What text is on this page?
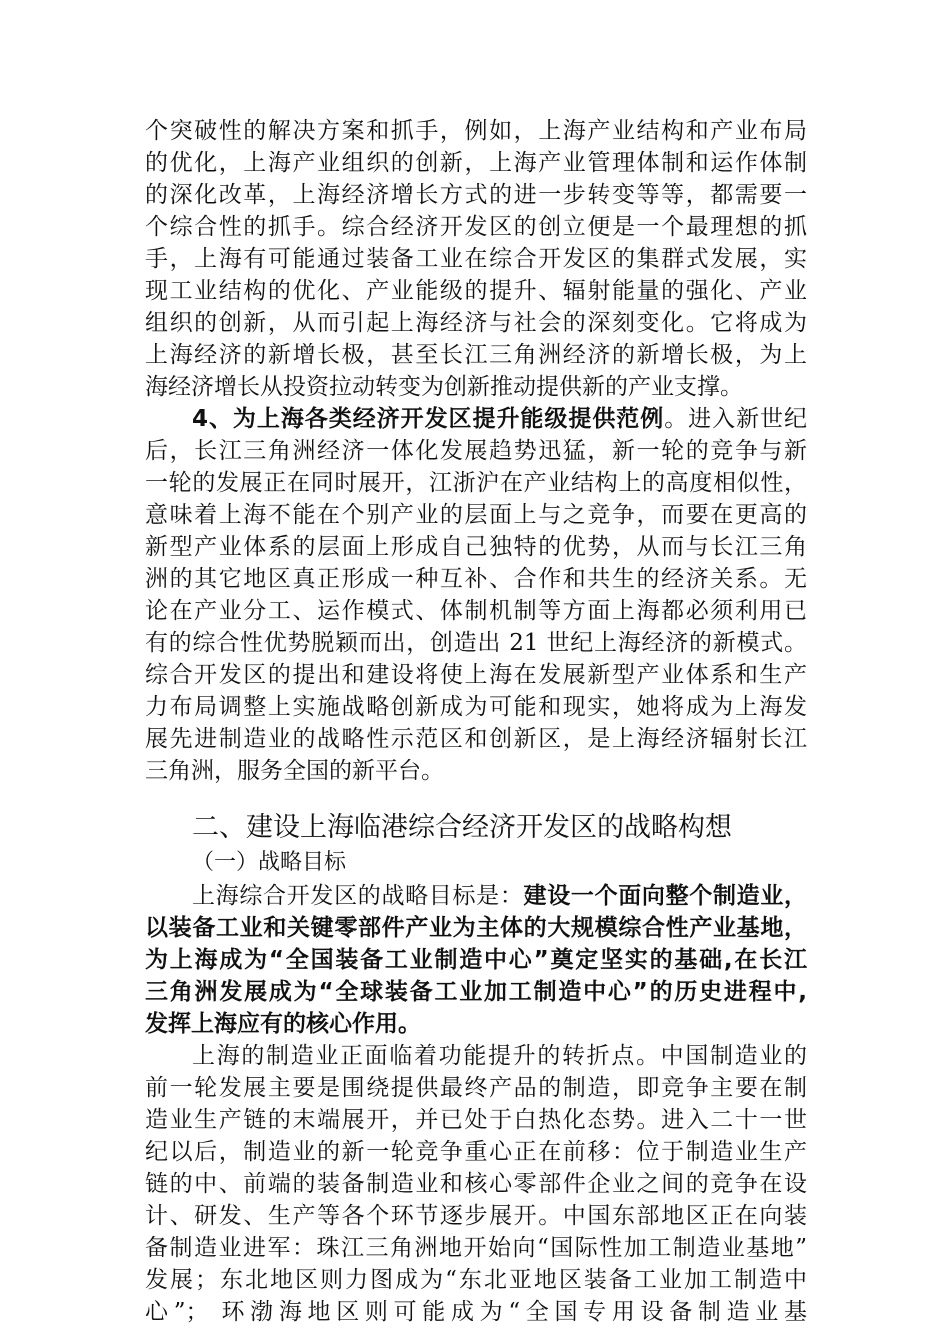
个突破性的解决方案和抓手，例如，上海产业结构和产业布局
的优化，上海产业组织的创新，上海产业管理体制和运作体制
的深化改革，上海经济增长方式的进一步转变等等，都需要一
个综合性的抓手。综合经济开发区的创立便是一个最理想的抓
手，上海有可能通过装备工业在综合开发区的集群式发展，实
现工业结构的优化、产业能级的提升、辐射能量的强化、产业
组织的创新，从而引起上海经济与社会的深刻变化。它将成为
上海经济的新增长极，甚至长江三角洲经济的新增长极，为上
海经济增长从投资拉动转变为创新推动提供新的产业支撑。
4、为上海各类经济开发区提升能级提供范例。进入新世纪
后，长江三角洲经济一体化发展趋势迅猛，新一轮的竞争与新
一轮的发展正在同时展开，江浙沪在产业结构上的高度相似性，
意味着上海不能在个别产业的层面上与之竞争，而要在更高的
新型产业体系的层面上形成自己独特的优势，从而与长江三角
洲的其它地区真正形成一种互补、合作和共生的经济关系。无
论在产业分工、运作模式、体制机制等方面上海都必须利用已
有的综合性优势脱颖而出，创造出 21 世纪上海经济的新模式。
综合开发区的提出和建设将使上海在发展新型产业体系和生产
力布局调整上实施战略创新成为可能和现实，她将成为上海发
展先进制造业的战略性示范区和创新区，是上海经济辐射长江
三角洲，服务全国的新平台。
二、建设上海临港综合经济开发区的战略构想
（一）战略目标
上海综合开发区的战略目标是：建设一个面向整个制造业，
以装备工业和关键零部件产业为主体的大规模综合性产业基地，
为上海成为“全国装备工业制造中心”奠定坚实的基础,在长江
三角洲发展成为“全球装备工业加工制造中心”的历史进程中,
发挥上海应有的核心作用。
上海的制造业正面临着功能提升的转折点。中国制造业的
前一轮发展主要是围绕提供最终产品的制造，即竞争主要在制
造业生产链的末端展开，并已处于白热化态势。进入二十一世
纪以后，制造业的新一轮竞争重心正在前移：位于制造业生产
链的中、前端的装备制造业和核心零部件企业之间的竞争在设
计、研发、生产等各个环节逐步展开。中国东部地区正在向装
备制造业进军：珠江三角洲地开始向“国际性加工制造业基地”
发展；东北地区则力图成为“东北亚地区装备工业加工制造中
心”； 环渤海地区则可能成为“全国专用设备制造业基
